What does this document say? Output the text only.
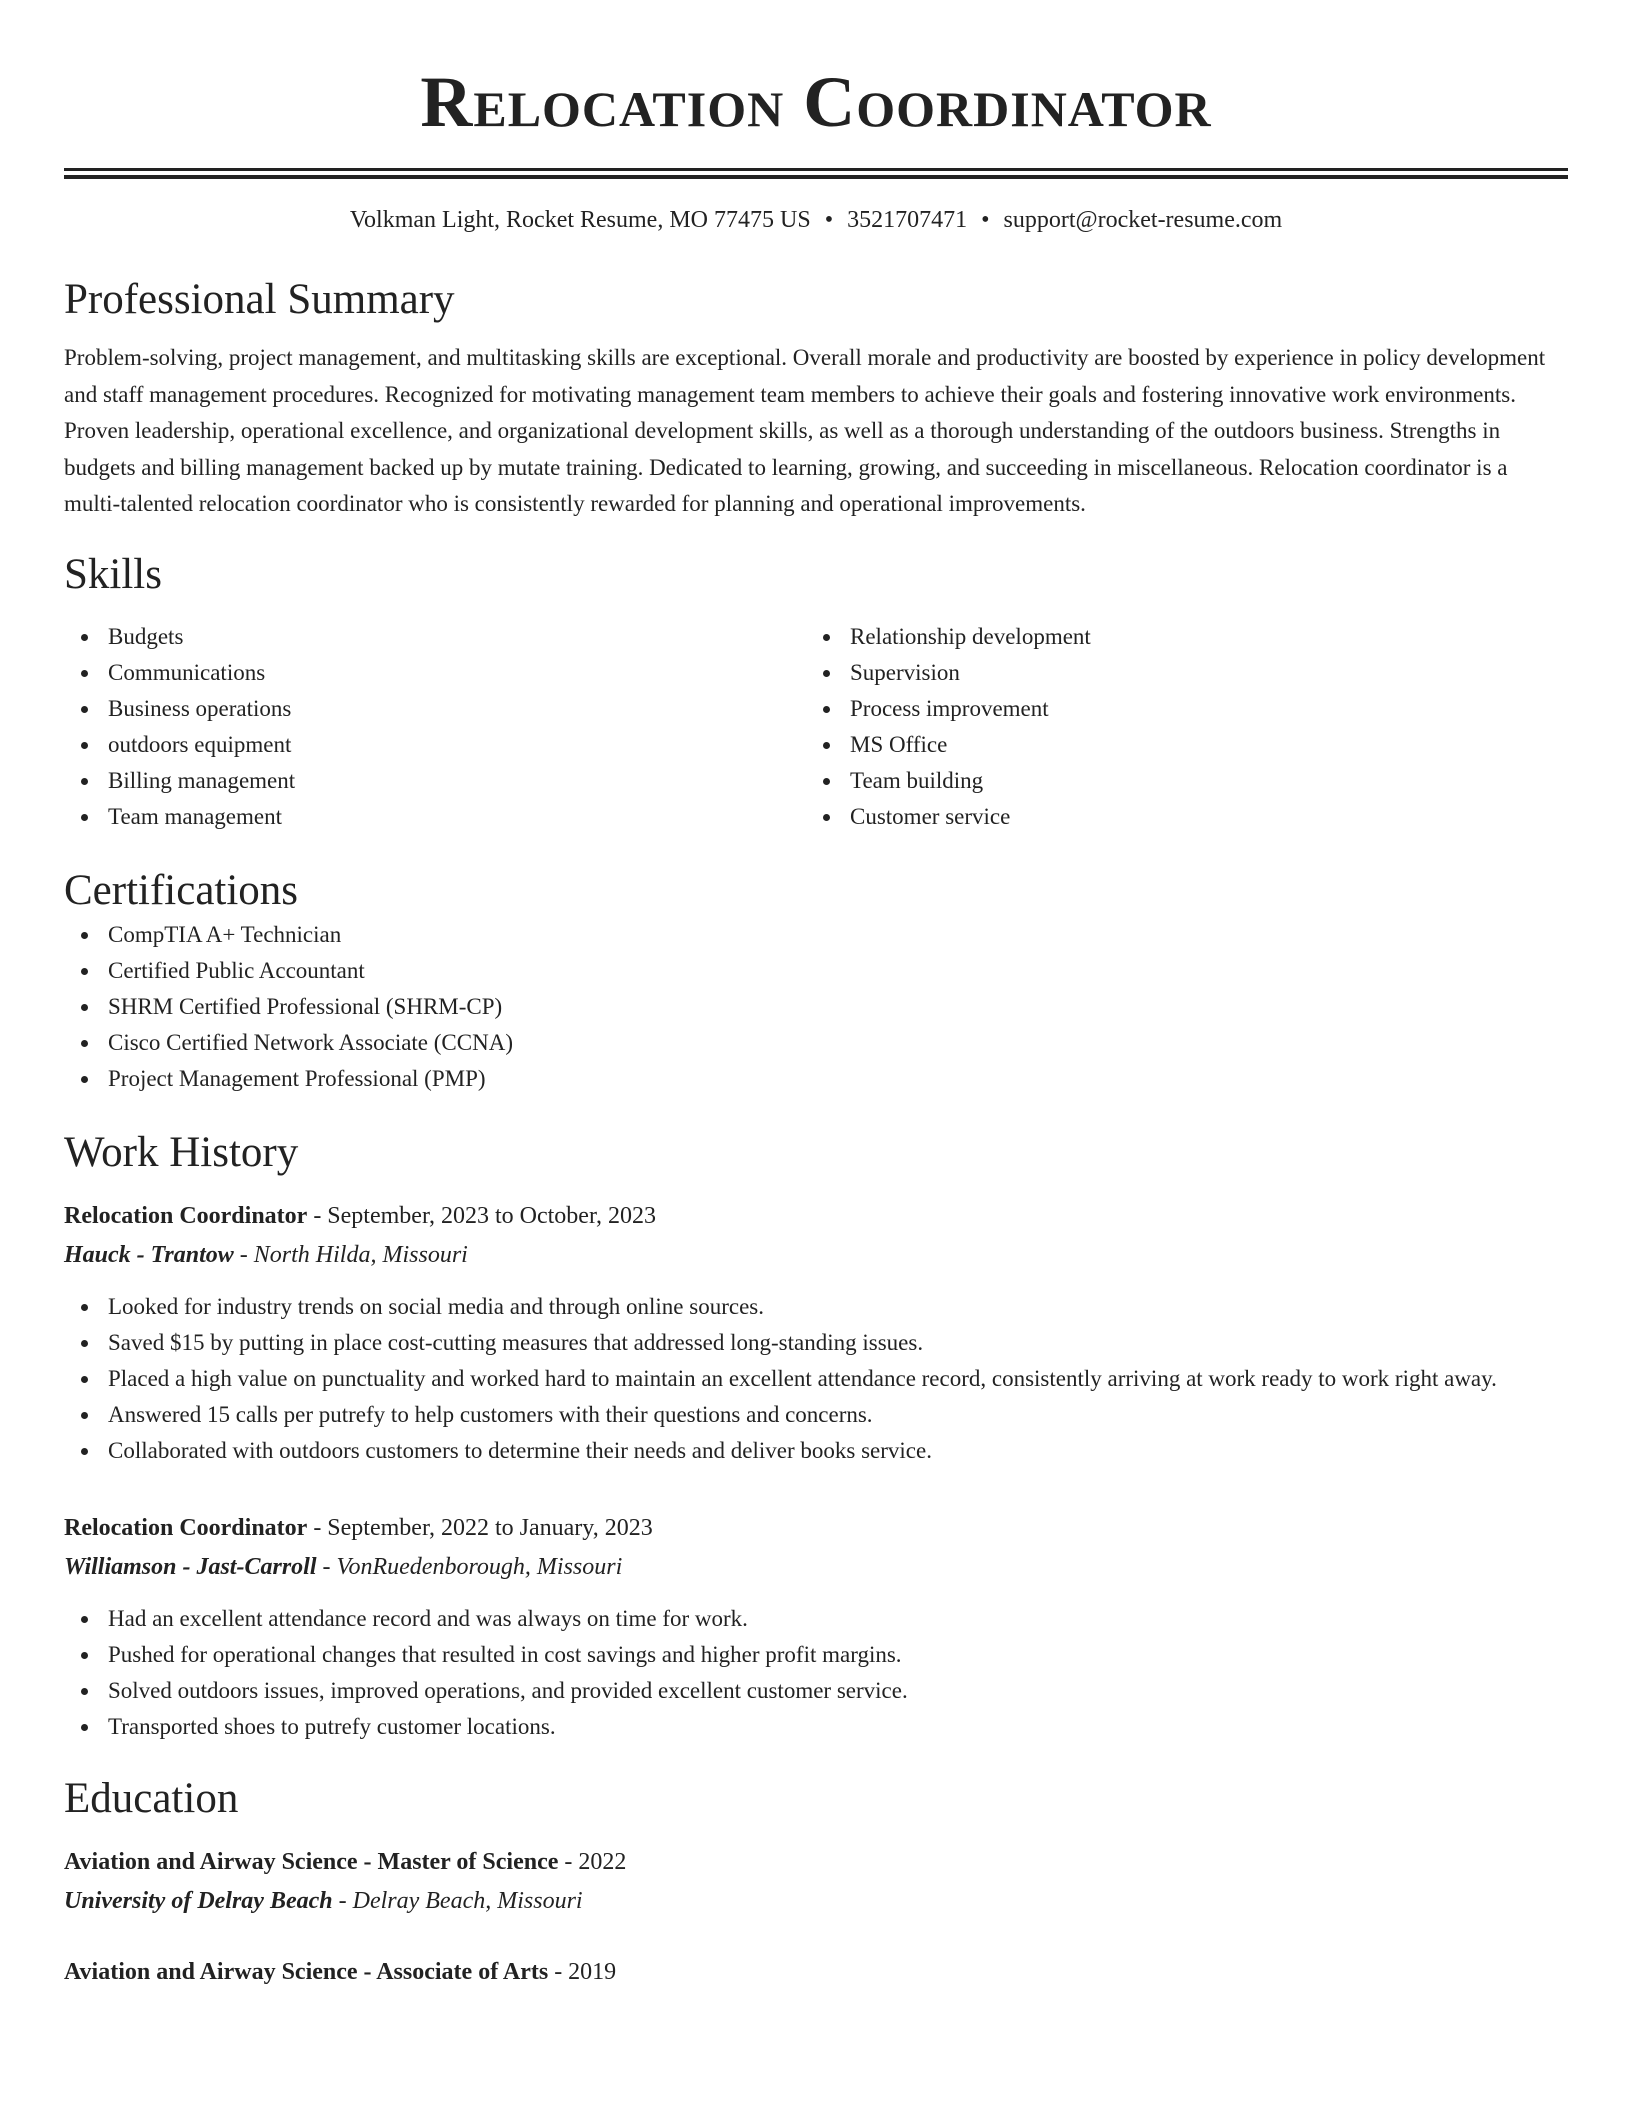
Relocation Coordinator
Volkman Light, Rocket Resume, MO 77475 US • 3521707471 • support@rocket-resume.com
Professional Summary

Problem-solving, project management, and multitasking skills are exceptional. Overall morale and productivity are boosted by experience in policy development and staff management procedures. Recognized for motivating management team members to achieve their goals and fostering innovative work environments. Proven leadership, operational excellence, and organizational development skills, as well as a thorough understanding of the outdoors business. Strengths in budgets and billing management backed up by mutate training. Dedicated to learning, growing, and succeeding in miscellaneous. Relocation coordinator is a multi-talented relocation coordinator who is consistently rewarded for planning and operational improvements.

Skills
Budgets
Communications
Business operations
outdoors equipment
Billing management
Team management
Relationship development
Supervision
Process improvement
MS Office
Team building
Customer service
Certifications
CompTIA A+ Technician
Certified Public Accountant
SHRM Certified Professional (SHRM-CP)
Cisco Certified Network Associate (CCNA)
Project Management Professional (PMP)
Work History
Relocation Coordinator - September, 2023 to October, 2023
Hauck - Trantow - North Hilda, Missouri
Looked for industry trends on social media and through online sources.
Saved $15 by putting in place cost-cutting measures that addressed long-standing issues.
Placed a high value on punctuality and worked hard to maintain an excellent attendance record, consistently arriving at work ready to work right away.
Answered 15 calls per putrefy to help customers with their questions and concerns.
Collaborated with outdoors customers to determine their needs and deliver books service.
Relocation Coordinator - September, 2022 to January, 2023
Williamson - Jast-Carroll - VonRuedenborough, Missouri
Had an excellent attendance record and was always on time for work.
Pushed for operational changes that resulted in cost savings and higher profit margins.
Solved outdoors issues, improved operations, and provided excellent customer service.
Transported shoes to putrefy customer locations.
Education
Aviation and Airway Science - Master of Science - 2022
University of Delray Beach - Delray Beach, Missouri
Aviation and Airway Science - Associate of Arts - 2019
